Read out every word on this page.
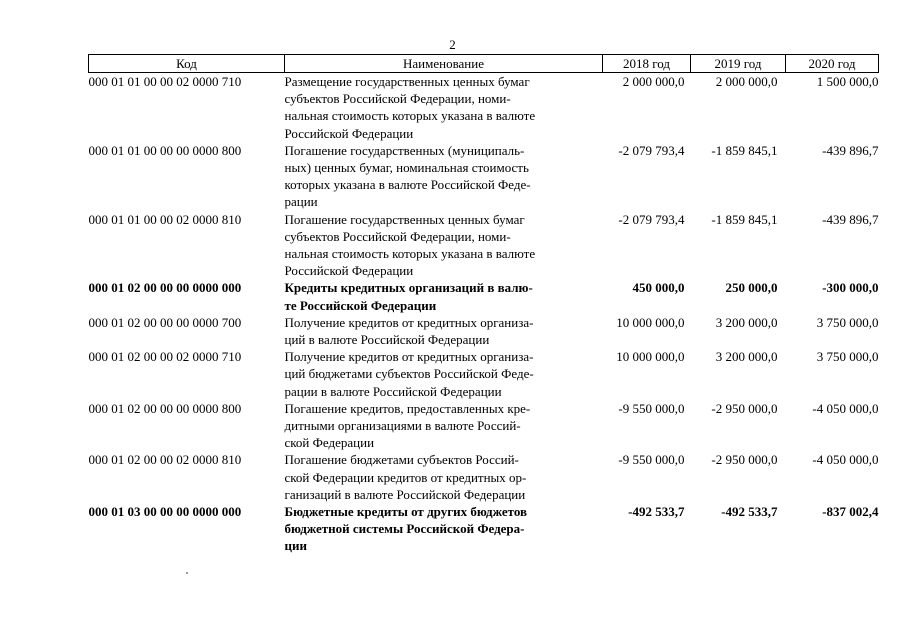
2
Код	Наименование	2018 год	2019 год	2020 год
000 01 01 00 00 02 0000 710	Размещение государственных ценных бумаг
субъектов Российской Федерации, номи-
нальная стоимость которых указана в валюте
Российской Федерации	2 000 000,0	2 000 000,0	1 500 000,0
000 01 01 00 00 00 0000 800	Погашение государственных (муниципаль-
ных) ценных бумаг, номинальная стоимость
которых указана в валюте Российской Феде-
рации	-2 079 793,4	-1 859 845,1	-439 896,7
000 01 01 00 00 02 0000 810	Погашение государственных ценных бумаг
субъектов Российской Федерации, номи-
нальная стоимость которых указана в валюте
Российской Федерации	-2 079 793,4	-1 859 845,1	-439 896,7
000 01 02 00 00 00 0000 000	Кредиты кредитных организаций в валю-
те Российской Федерации	450 000,0	250 000,0	-300 000,0
000 01 02 00 00 00 0000 700	Получение кредитов от кредитных организа-
ций в валюте Российской Федерации	10 000 000,0	3 200 000,0	3 750 000,0
000 01 02 00 00 02 0000 710	Получение кредитов от кредитных организа-
ций бюджетами субъектов Российской Феде-
рации в валюте Российской Федерации	10 000 000,0	3 200 000,0	3 750 000,0
000 01 02 00 00 00 0000 800	Погашение кредитов, предоставленных кре-
дитными организациями в валюте Россий-
ской Федерации	-9 550 000,0	-2 950 000,0	-4 050 000,0
000 01 02 00 00 02 0000 810	Погашение бюджетами субъектов Россий-
ской Федерации кредитов от кредитных ор-
ганизаций в валюте Российской Федерации	-9 550 000,0	-2 950 000,0	-4 050 000,0
000 01 03 00 00 00 0000 000	Бюджетные кредиты от других бюджетов
бюджетной системы Российской Федера-
ции	-492 533,7	-492 533,7	-837 002,4
